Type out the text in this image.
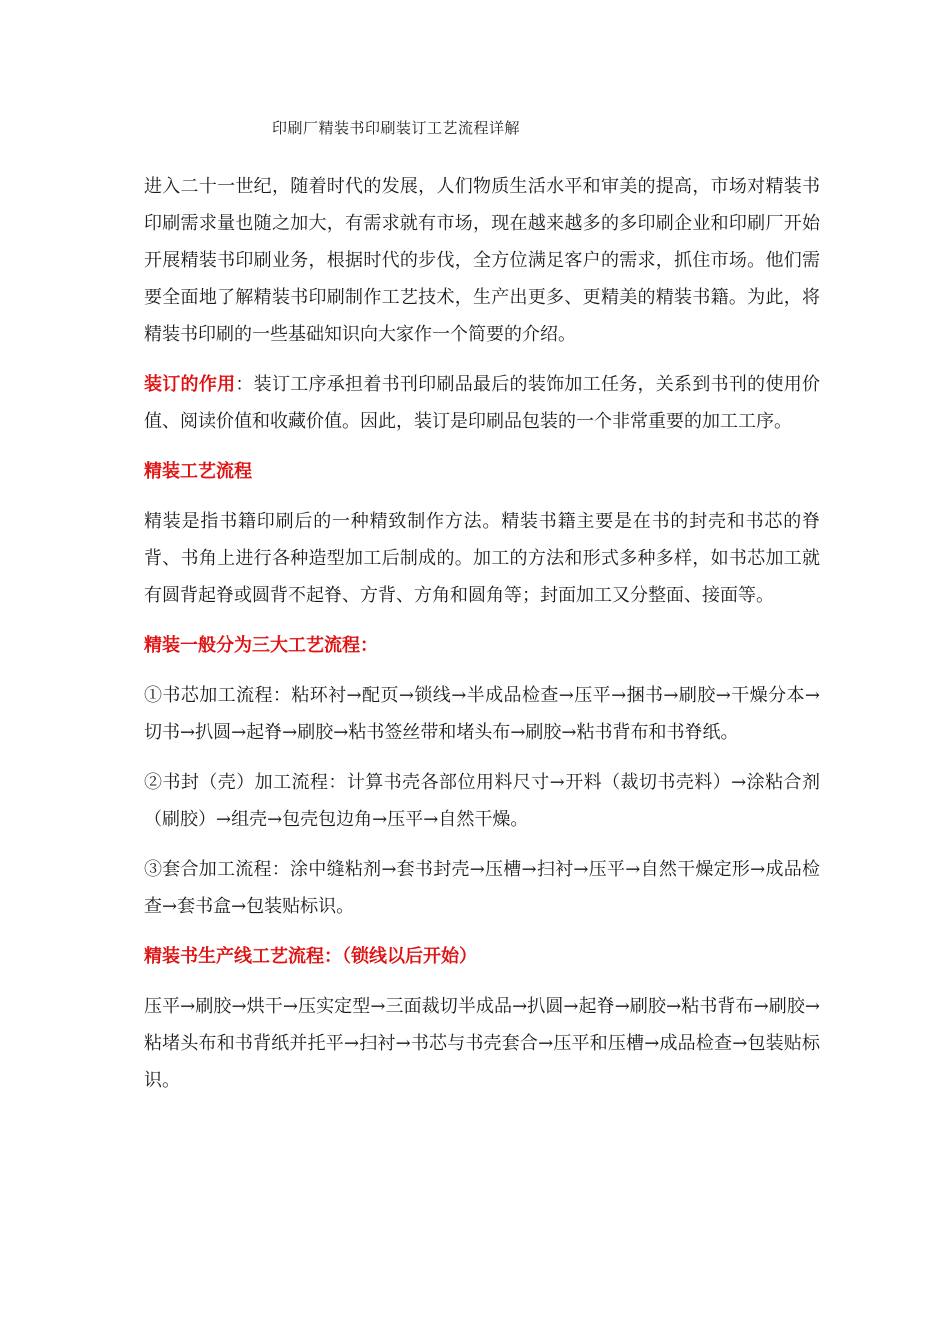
印刷厂精装书印刷装订工艺流程详解

进入二十一世纪，随着时代的发展，人们物质生活水平和审美的提高，市场对精装书印刷需求量也随之加大，有需求就有市场，现在越来越多的多印刷企业和印刷厂开始开展精装书印刷业务，根据时代的步伐，全方位满足客户的需求，抓住市场。他们需要全面地了解精装书印刷制作工艺技术，生产出更多、更精美的精装书籍。为此，将精装书印刷的一些基础知识向大家作一个简要的介绍。

装订的作用：装订工序承担着书刊印刷品最后的装饰加工任务，关系到书刊的使用价值、阅读价值和收藏价值。因此，装订是印刷品包装的一个非常重要的加工工序。

精装工艺流程

精装是指书籍印刷后的一种精致制作方法。精装书籍主要是在书的封壳和书芯的脊背、书角上进行各种造型加工后制成的。加工的方法和形式多种多样，如书芯加工就有圆背起脊或圆背不起脊、方背、方角和圆角等；封面加工又分整面、接面等。

精装一般分为三大工艺流程：

①书芯加工流程：粘环衬→配页→锁线→半成品检查→压平→捆书→刷胶→干燥分本→切书→扒圆→起脊→刷胶→粘书签丝带和堵头布→刷胶→粘书背布和书脊纸。

②书封（壳）加工流程：计算书壳各部位用料尺寸→开料（裁切书壳料）→涂粘合剂（刷胶）→组壳→包壳包边角→压平→自然干燥。

③套合加工流程：涂中缝粘剂→套书封壳→压槽→扫衬→压平→自然干燥定形→成品检查→套书盒→包装贴标识。

精装书生产线工艺流程：（锁线以后开始）

压平→刷胶→烘干→压实定型→三面裁切半成品→扒圆→起脊→刷胶→粘书背布→刷胶→粘堵头布和书背纸并托平→扫衬→书芯与书壳套合→压平和压槽→成品检查→包装贴标识。
